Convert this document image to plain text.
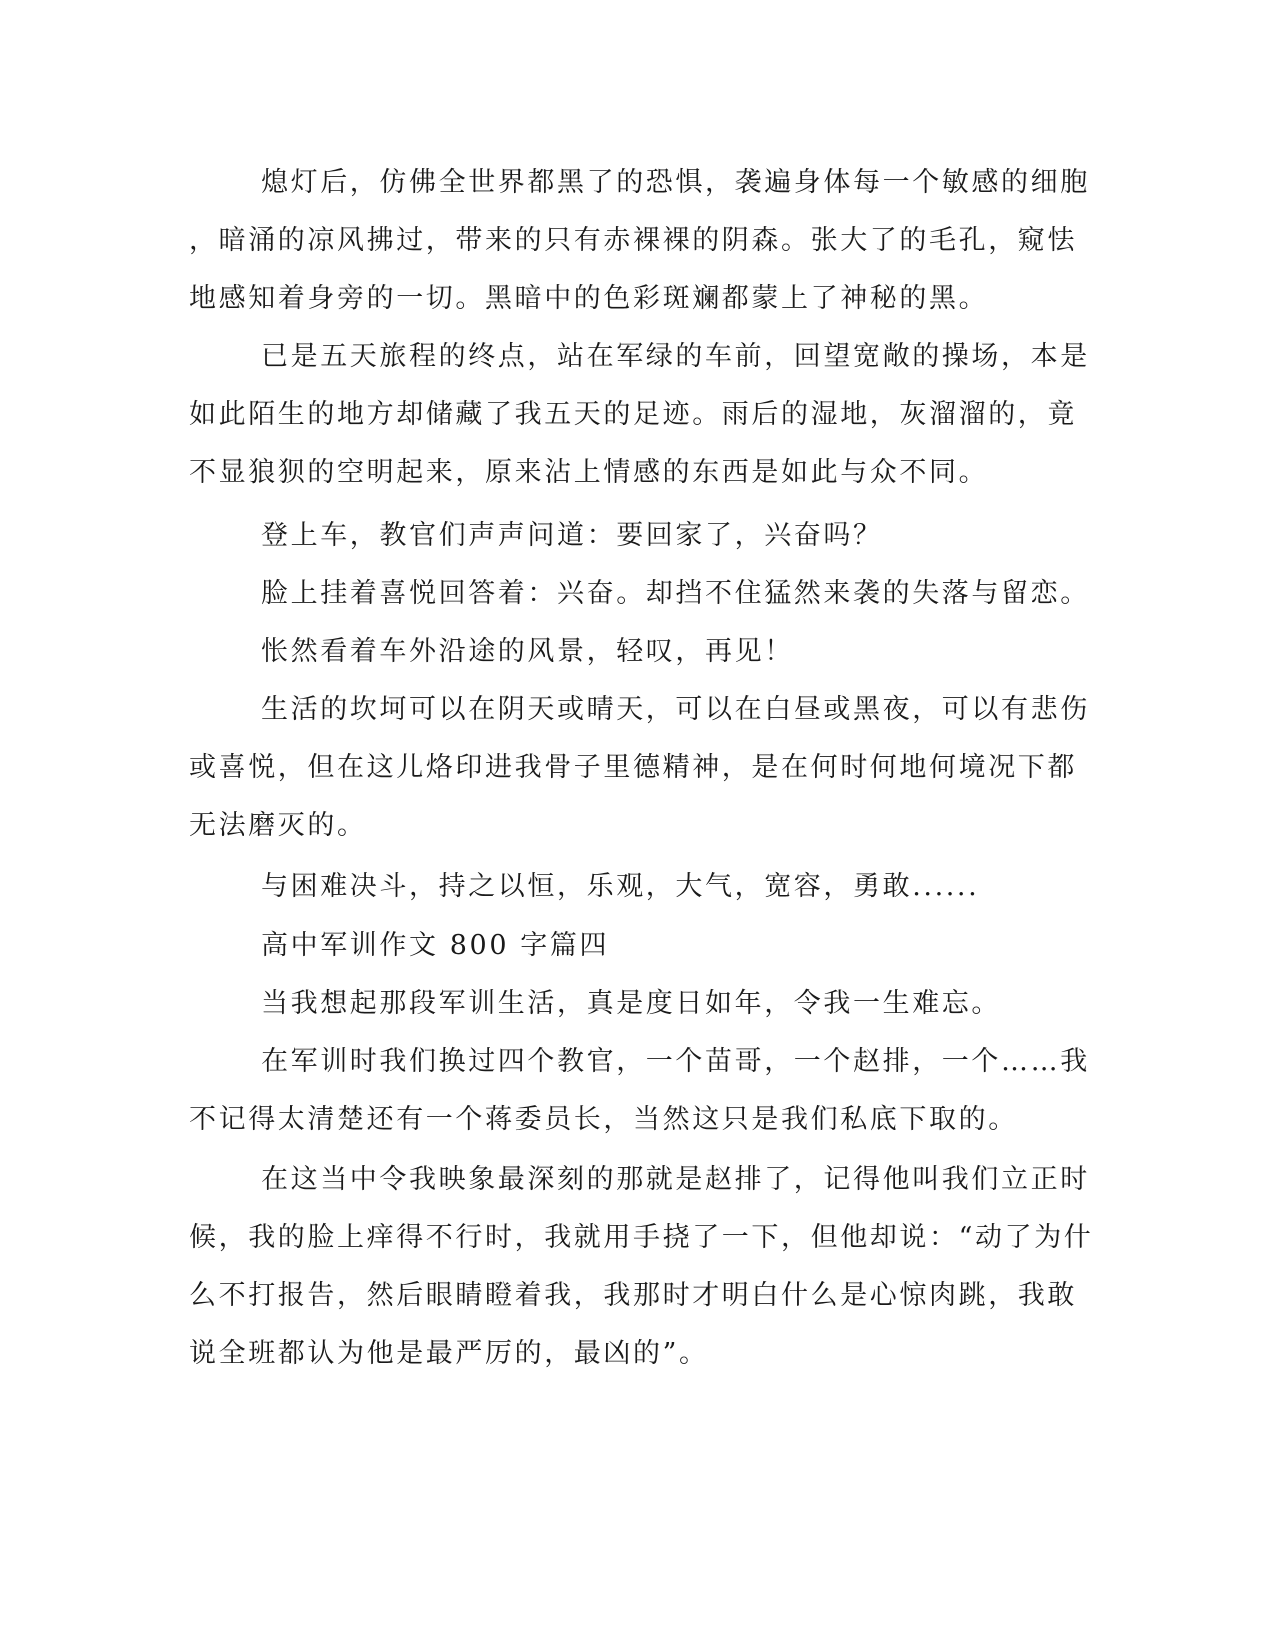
熄灯后，仿佛全世界都黑了的恐惧，袭遍身体每一个敏感的细胞
，暗涌的凉风拂过，带来的只有赤裸裸的阴森。张大了的毛孔，窥怯
地感知着身旁的一切。黑暗中的色彩斑斓都蒙上了神秘的黑。
已是五天旅程的终点，站在军绿的车前，回望宽敞的操场，本是
如此陌生的地方却储藏了我五天的足迹。雨后的湿地，灰溜溜的，竟
不显狼狈的空明起来，原来沾上情感的东西是如此与众不同。
登上车，教官们声声问道：要回家了，兴奋吗？
脸上挂着喜悦回答着：兴奋。却挡不住猛然来袭的失落与留恋。
怅然看着车外沿途的风景，轻叹，再见！
生活的坎坷可以在阴天或晴天，可以在白昼或黑夜，可以有悲伤
或喜悦，但在这儿烙印进我骨子里德精神，是在何时何地何境况下都
无法磨灭的。
与困难决斗，持之以恒，乐观，大气，宽容，勇敢......
高中军训作文 800 字篇四
当我想起那段军训生活，真是度日如年，令我一生难忘。
在军训时我们换过四个教官，一个苗哥，一个赵排，一个……我
不记得太清楚还有一个蒋委员长，当然这只是我们私底下取的。
在这当中令我映象最深刻的那就是赵排了，记得他叫我们立正时
候，我的脸上痒得不行时，我就用手挠了一下，但他却说：“动了为什
么不打报告，然后眼睛瞪着我，我那时才明白什么是心惊肉跳，我敢
说全班都认为他是最严厉的，最凶的”。
